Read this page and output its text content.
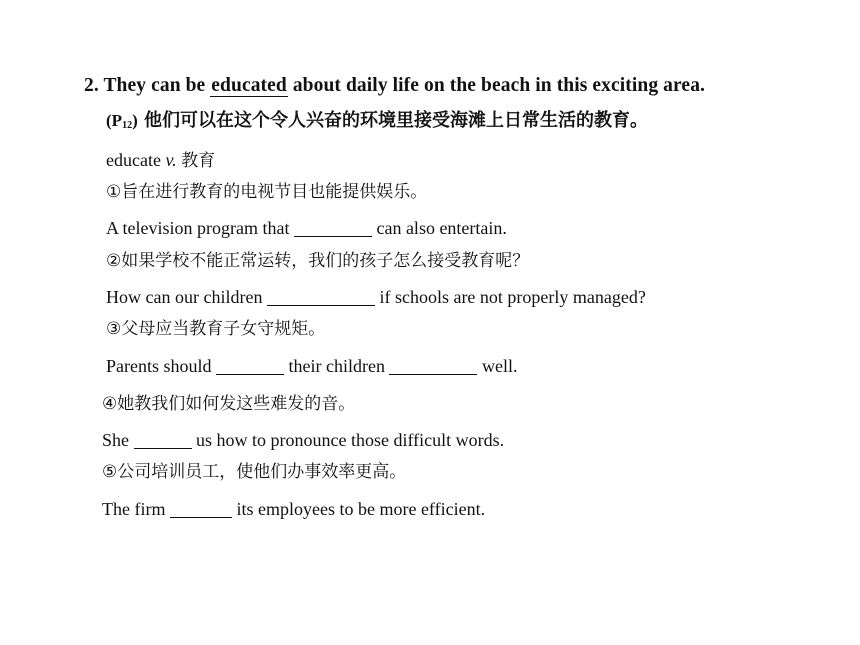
2. They can be educated about daily life on the beach in this exciting area.
$(P_{12})$ 他们可以在这个令人兴奋的环境里接受海滩上日常生活的教育。
educate v. 教育
①旨在进行教育的电视节目也能提供娱乐。
A television program that	can also entertain.
②如果学校不能正常运转，我们的孩子怎么接受教育呢？
How can our children	if schools are not properly managed?
③父母应当教育子女守规矩。
Parents should	their children	well.
④她教我们如何发这些难发的音。
She	us how to pronounce those difficult words.
⑤公司培训员工，使他们办事效率更高。
The firm	its employees to be more efficient.
